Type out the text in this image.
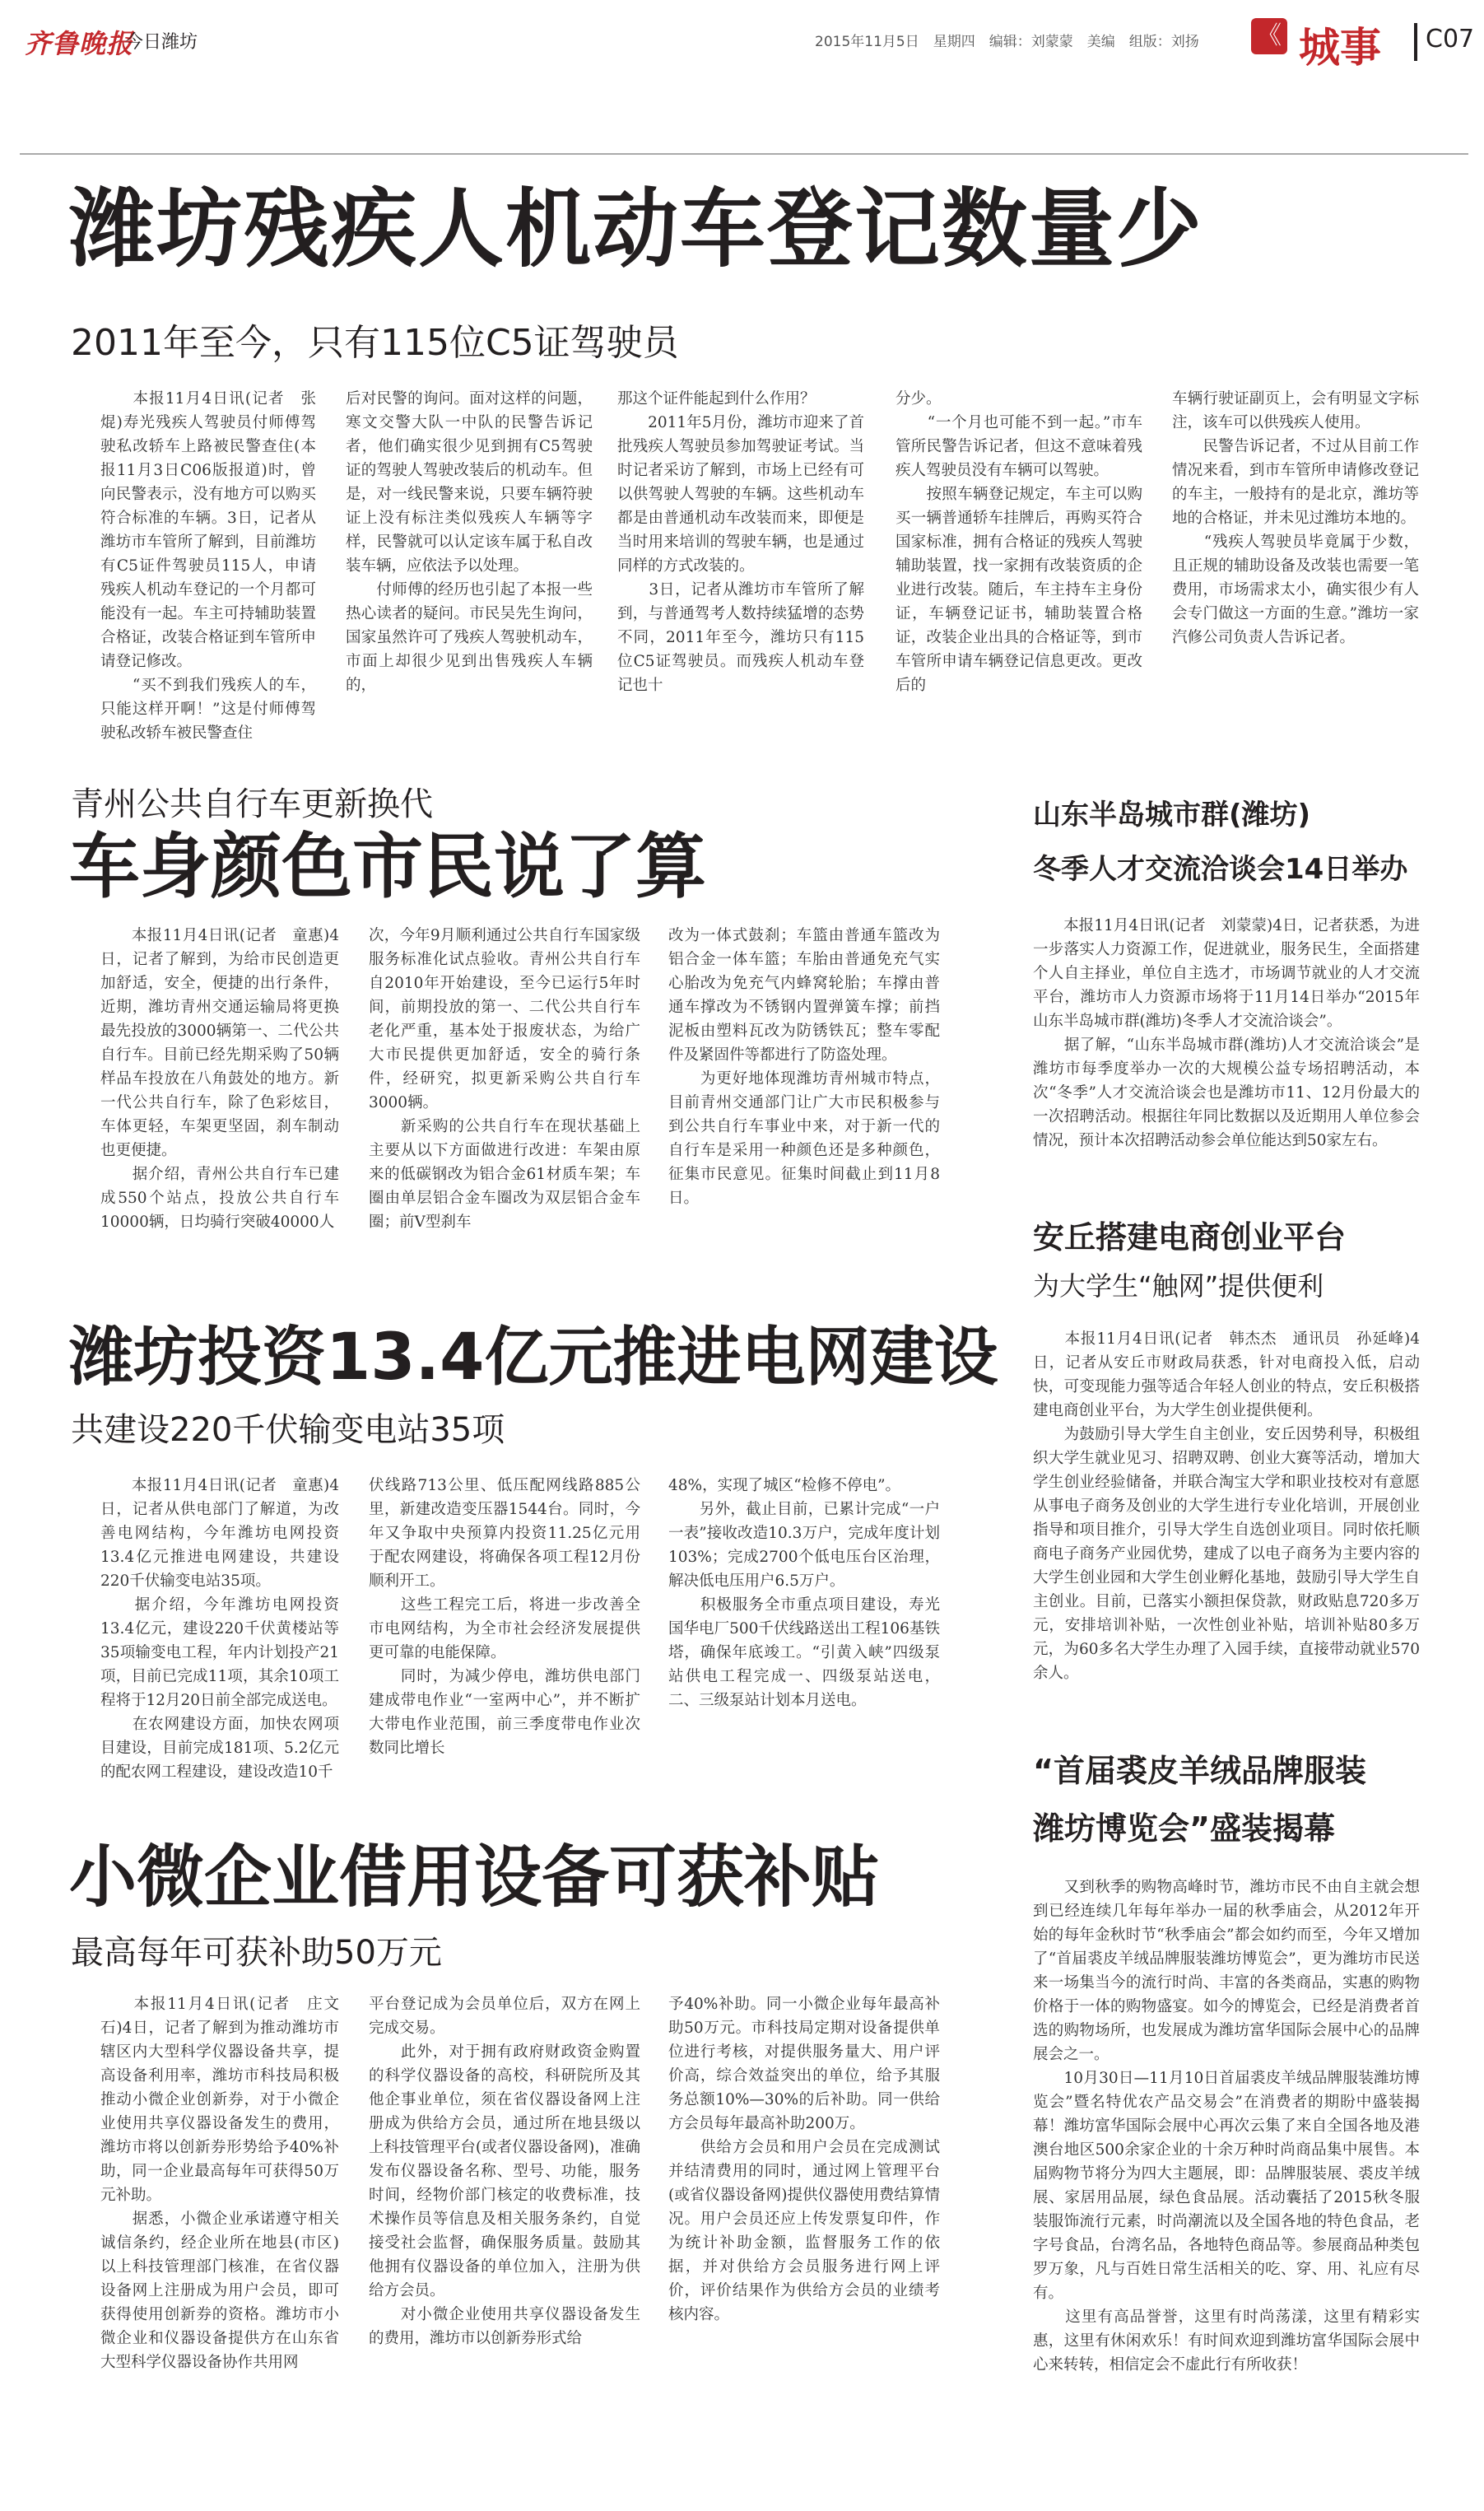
齐鲁晚报
今日潍坊	2015年11月5日　星期四　编辑：刘蒙蒙　美编　组版：刘扬 《 城事 C07
潍坊残疾人机动车登记数量少
2011年至今，只有115位C5证驾驶员

　　本报11月4日讯(记者　张焜)寿光残疾人驾驶员付师傅驾驶私改轿车上路被民警查住(本报11月3日C06版报道)时，曾向民警表示，没有地方可以购买符合标准的车辆。3日，记者从潍坊市车管所了解到，目前潍坊有C5证件驾驶员115人，申请残疾人机动车登记的一个月都可能没有一起。车主可持辅助装置合格证，改装合格证到车管所申请登记修改。

　　“买不到我们残疾人的车，只能这样开啊！”这是付师傅驾驶私改轿车被民警查住

后对民警的询问。面对这样的问题，寒文交警大队一中队的民警告诉记者，他们确实很少见到拥有C5驾驶证的驾驶人驾驶改装后的机动车。但是，对一线民警来说，只要车辆符驶证上没有标注类似残疾人车辆等字样，民警就可以认定该车属于私自改装车辆，应依法予以处理。

　　付师傅的经历也引起了本报一些热心读者的疑问。市民吴先生询问，国家虽然许可了残疾人驾驶机动车，市面上却很少见到出售残疾人车辆的，

那这个证件能起到什么作用？

　　2011年5月份，潍坊市迎来了首批残疾人驾驶员参加驾驶证考试。当时记者采访了解到，市场上已经有可以供驾驶人驾驶的车辆。这些机动车都是由普通机动车改装而来，即便是当时用来培训的驾驶车辆，也是通过同样的方式改装的。

　　3日，记者从潍坊市车管所了解到，与普通驾考人数持续猛增的态势不同，2011年至今，潍坊只有115位C5证驾驶员。而残疾人机动车登记也十

分少。

　　“一个月也可能不到一起。”市车管所民警告诉记者，但这不意味着残疾人驾驶员没有车辆可以驾驶。

　　按照车辆登记规定，车主可以购买一辆普通轿车挂牌后，再购买符合国家标准，拥有合格证的残疾人驾驶辅助装置，找一家拥有改装资质的企业进行改装。随后，车主持车主身份证，车辆登记证书，辅助装置合格证，改装企业出具的合格证等，到市车管所申请车辆登记信息更改。更改后的

车辆行驶证副页上，会有明显文字标注，该车可以供残疾人使用。

　　民警告诉记者，不过从目前工作情况来看，到市车管所申请修改登记的车主，一般持有的是北京，潍坊等地的合格证，并未见过潍坊本地的。

　　“残疾人驾驶员毕竟属于少数，且正规的辅助设备及改装也需要一笔费用，市场需求太小，确实很少有人会专门做这一方面的生意。”潍坊一家汽修公司负责人告诉记者。

青州公共自行车更新换代
车身颜色市民说了算

　　本报11月4日讯(记者　童惠)4日，记者了解到，为给市民创造更加舒适，安全，便捷的出行条件，近期，潍坊青州交通运输局将更换最先投放的3000辆第一、二代公共自行车。目前已经先期采购了50辆样品车投放在八角鼓处的地方。新一代公共自行车，除了色彩炫目，车体更轻，车架更坚固，刹车制动也更便捷。

　　据介绍，青州公共自行车已建成550个站点，投放公共自行车10000辆，日均骑行突破40000人

次，今年9月顺利通过公共自行车国家级服务标准化试点验收。青州公共自行车自2010年开始建设，至今已运行5年时间，前期投放的第一、二代公共自行车老化严重，基本处于报废状态，为给广大市民提供更加舒适，安全的骑行条件，经研究，拟更新采购公共自行车3000辆。

　　新采购的公共自行车在现状基础上主要从以下方面做进行改进：车架由原来的低碳钢改为铝合金61材质车架；车圈由单层铝合金车圈改为双层铝合金车圈；前V型刹车

改为一体式鼓刹；车篮由普通车篮改为铝合金一体车篮；车胎由普通免充气实心胎改为免充气内蜂窝轮胎；车撑由普通车撑改为不锈钢内置弹簧车撑；前挡泥板由塑料瓦改为防锈铁瓦；整车零配件及紧固件等都进行了防盗处理。

　　为更好地体现潍坊青州城市特点，目前青州交通部门让广大市民积极参与到公共自行车事业中来，对于新一代的自行车是采用一种颜色还是多种颜色，征集市民意见。征集时间截止到11月8日。

潍坊投资13.4亿元推进电网建设
共建设220千伏输变电站35项

　　本报11月4日讯(记者　童惠)4日，记者从供电部门了解道，为改善电网结构，今年潍坊电网投资13.4亿元推进电网建设，共建设220千伏输变电站35项。

　　据介绍，今年潍坊电网投资13.4亿元，建设220千伏黄楼站等35项输变电工程，年内计划投产21项，目前已完成11项，其余10项工程将于12月20日前全部完成送电。

　　在农网建设方面，加快农网项目建设，目前完成181项、5.2亿元的配农网工程建设，建设改造10千

伏线路713公里、低压配网线路885公里，新建改造变压器1544台。同时，今年又争取中央预算内投资11.25亿元用于配农网建设，将确保各项工程12月份顺利开工。

　　这些工程完工后，将进一步改善全市电网结构，为全市社会经济发展提供更可靠的电能保障。

　　同时，为减少停电，潍坊供电部门建成带电作业“一室两中心”，并不断扩大带电作业范围，前三季度带电作业次数同比增长

48%，实现了城区“检修不停电”。

　　另外，截止目前，已累计完成“一户一表”接收改造10.3万户，完成年度计划103%；完成2700个低电压台区治理，解决低电压用户6.5万户。

　　积极服务全市重点项目建设，寿光国华电厂500千伏线路送出工程106基铁塔，确保年底竣工。“引黄入峡”四级泵站供电工程完成一、四级泵站送电，二、三级泵站计划本月送电。

小微企业借用设备可获补贴
最高每年可获补助50万元

　　本报11月4日讯(记者　庄文石)4日，记者了解到为推动潍坊市辖区内大型科学仪器设备共享，提高设备利用率，潍坊市科技局积极推动小微企业创新券，对于小微企业使用共享仪器设备发生的费用，潍坊市将以创新券形势给予40%补助，同一企业最高每年可获得50万元补助。

　　据悉，小微企业承诺遵守相关诚信条约，经企业所在地县(市区)以上科技管理部门核准，在省仪器设备网上注册成为用户会员，即可获得使用创新券的资格。潍坊市小微企业和仪器设备提供方在山东省大型科学仪器设备协作共用网

平台登记成为会员单位后，双方在网上完成交易。

　　此外，对于拥有政府财政资金购置的科学仪器设备的高校，科研院所及其他企事业单位，须在省仪器设备网上注册成为供给方会员，通过所在地县级以上科技管理平台(或者仪器设备网)，准确发布仪器设备名称、型号、功能，服务时间，经物价部门核定的收费标准，技术操作员等信息及相关服务条约，自觉接受社会监督，确保服务质量。鼓励其他拥有仪器设备的单位加入，注册为供给方会员。

　　对小微企业使用共享仪器设备发生的费用，潍坊市以创新券形式给

予40%补助。同一小微企业每年最高补助50万元。市科技局定期对设备提供单位进行考核，对提供服务量大、用户评价高，综合效益突出的单位，给予其服务总额10%—30%的后补助。同一供给方会员每年最高补助200万。

　　供给方会员和用户会员在完成测试并结清费用的同时，通过网上管理平台(或省仪器设备网)提供仪器使用费结算情况。用户会员还应上传发票复印件，作为统计补助金额，监督服务工作的依据，并对供给方会员服务进行网上评价，评价结果作为供给方会员的业绩考核内容。

山东半岛城市群(潍坊)
冬季人才交流洽谈会14日举办

　　本报11月4日讯(记者　刘蒙蒙)4日，记者获悉，为进一步落实人力资源工作，促进就业，服务民生，全面搭建个人自主择业，单位自主选才，市场调节就业的人才交流平台，潍坊市人力资源市场将于11月14日举办“2015年山东半岛城市群(潍坊)冬季人才交流洽谈会”。

　　据了解，“山东半岛城市群(潍坊)人才交流洽谈会”是潍坊市每季度举办一次的大规模公益专场招聘活动，本次“冬季”人才交流洽谈会也是潍坊市11、12月份最大的一次招聘活动。根据往年同比数据以及近期用人单位参会情况，预计本次招聘活动参会单位能达到50家左右。

安丘搭建电商创业平台
为大学生“触网”提供便利

　　本报11月4日讯(记者　韩杰杰　通讯员　孙延峰)4日，记者从安丘市财政局获悉，针对电商投入低，启动快，可变现能力强等适合年轻人创业的特点，安丘积极搭建电商创业平台，为大学生创业提供便利。

　　为鼓励引导大学生自主创业，安丘因势利导，积极组织大学生就业见习、招聘双聘、创业大赛等活动，增加大学生创业经验储备，并联合淘宝大学和职业技校对有意愿从事电子商务及创业的大学生进行专业化培训，开展创业指导和项目推介，引导大学生自选创业项目。同时依托顺商电子商务产业园优势，建成了以电子商务为主要内容的大学生创业园和大学生创业孵化基地，鼓励引导大学生自主创业。目前，已落实小额担保贷款，财政贴息720多万元，安排培训补贴，一次性创业补贴，培训补贴80多万元，为60多名大学生办理了入园手续，直接带动就业570余人。

“首届裘皮羊绒品牌服装
潍坊博览会”盛装揭幕

　　又到秋季的购物高峰时节，潍坊市民不由自主就会想到已经连续几年每年举办一届的秋季庙会，从2012年开始的每年金秋时节“秋季庙会”都会如约而至，今年又增加了“首届裘皮羊绒品牌服装潍坊博览会”，更为潍坊市民送来一场集当今的流行时尚、丰富的各类商品，实惠的购物价格于一体的购物盛宴。如今的博览会，已经是消费者首选的购物场所，也发展成为潍坊富华国际会展中心的品牌展会之一。

　　10月30日—11月10日首届裘皮羊绒品牌服装潍坊博览会”暨名特优农产品交易会”在消费者的期盼中盛装揭幕！潍坊富华国际会展中心再次云集了来自全国各地及港澳台地区500余家企业的十余万种时尚商品集中展售。本届购物节将分为四大主题展，即：品牌服装展、裘皮羊绒展、家居用品展，绿色食品展。活动囊括了2015秋冬服装服饰流行元素，时尚潮流以及全国各地的特色食品，老字号食品，台湾名品，各地特色商品等。参展商品种类包罗万象，凡与百姓日常生活相关的吃、穿、用、礼应有尽有。

　　这里有高品誉誉，这里有时尚荡漾，这里有精彩实惠，这里有休闲欢乐！有时间欢迎到潍坊富华国际会展中心来转转，相信定会不虚此行有所收获！
